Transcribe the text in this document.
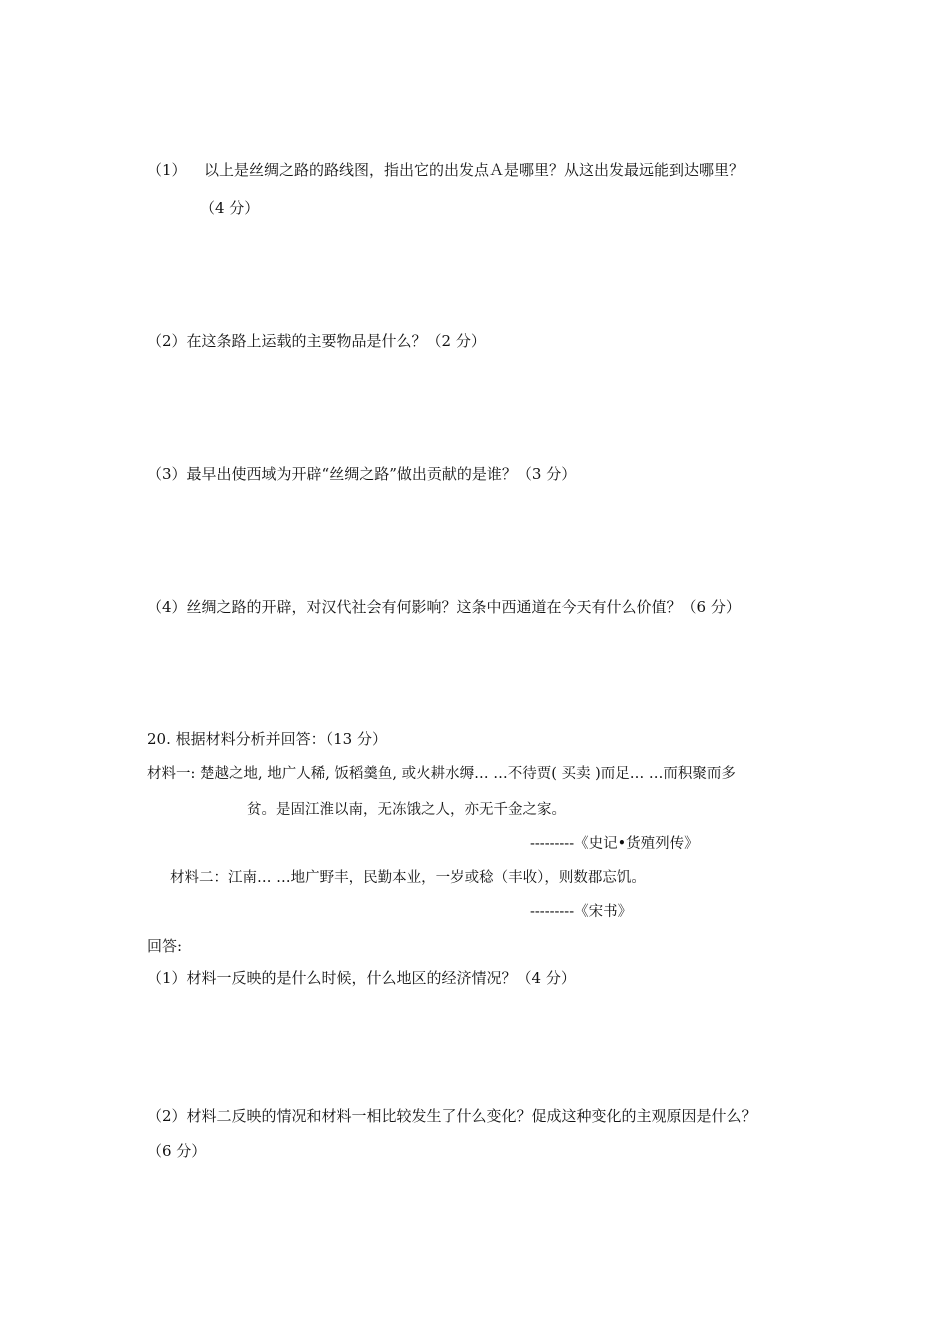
（1） 以上是丝绸之路的路线图，指出它的出发点Ａ是哪里？从这出发最远能到达哪里？
（4 分）
（2）在这条路上运载的主要物品是什么？（2 分）
（3）最早出使西域为开辟“丝绸之路”做出贡献的是谁？（3 分）
（4）丝绸之路的开辟，对汉代社会有何影响？这条中西通道在今天有什么价值？（6 分）
20. 根据材料分析并回答：（13 分）
材料一: 楚越之地, 地广人稀, 饭稻羹鱼, 或火耕水缛… …不待贾( 买卖 )而足… …而积聚而多
贫。是固江淮以南，无冻饿之人，亦无千金之家。
---------《史记•货殖列传》
材料二：江南… …地广野丰，民勤本业，一岁或稔（丰收），则数郡忘饥。
---------《宋书》
回答:
（1）材料一反映的是什么时候，什么地区的经济情况？（4 分）
（2）材料二反映的情况和材料一相比较发生了什么变化？促成这种变化的主观原因是什么？
（6 分）
